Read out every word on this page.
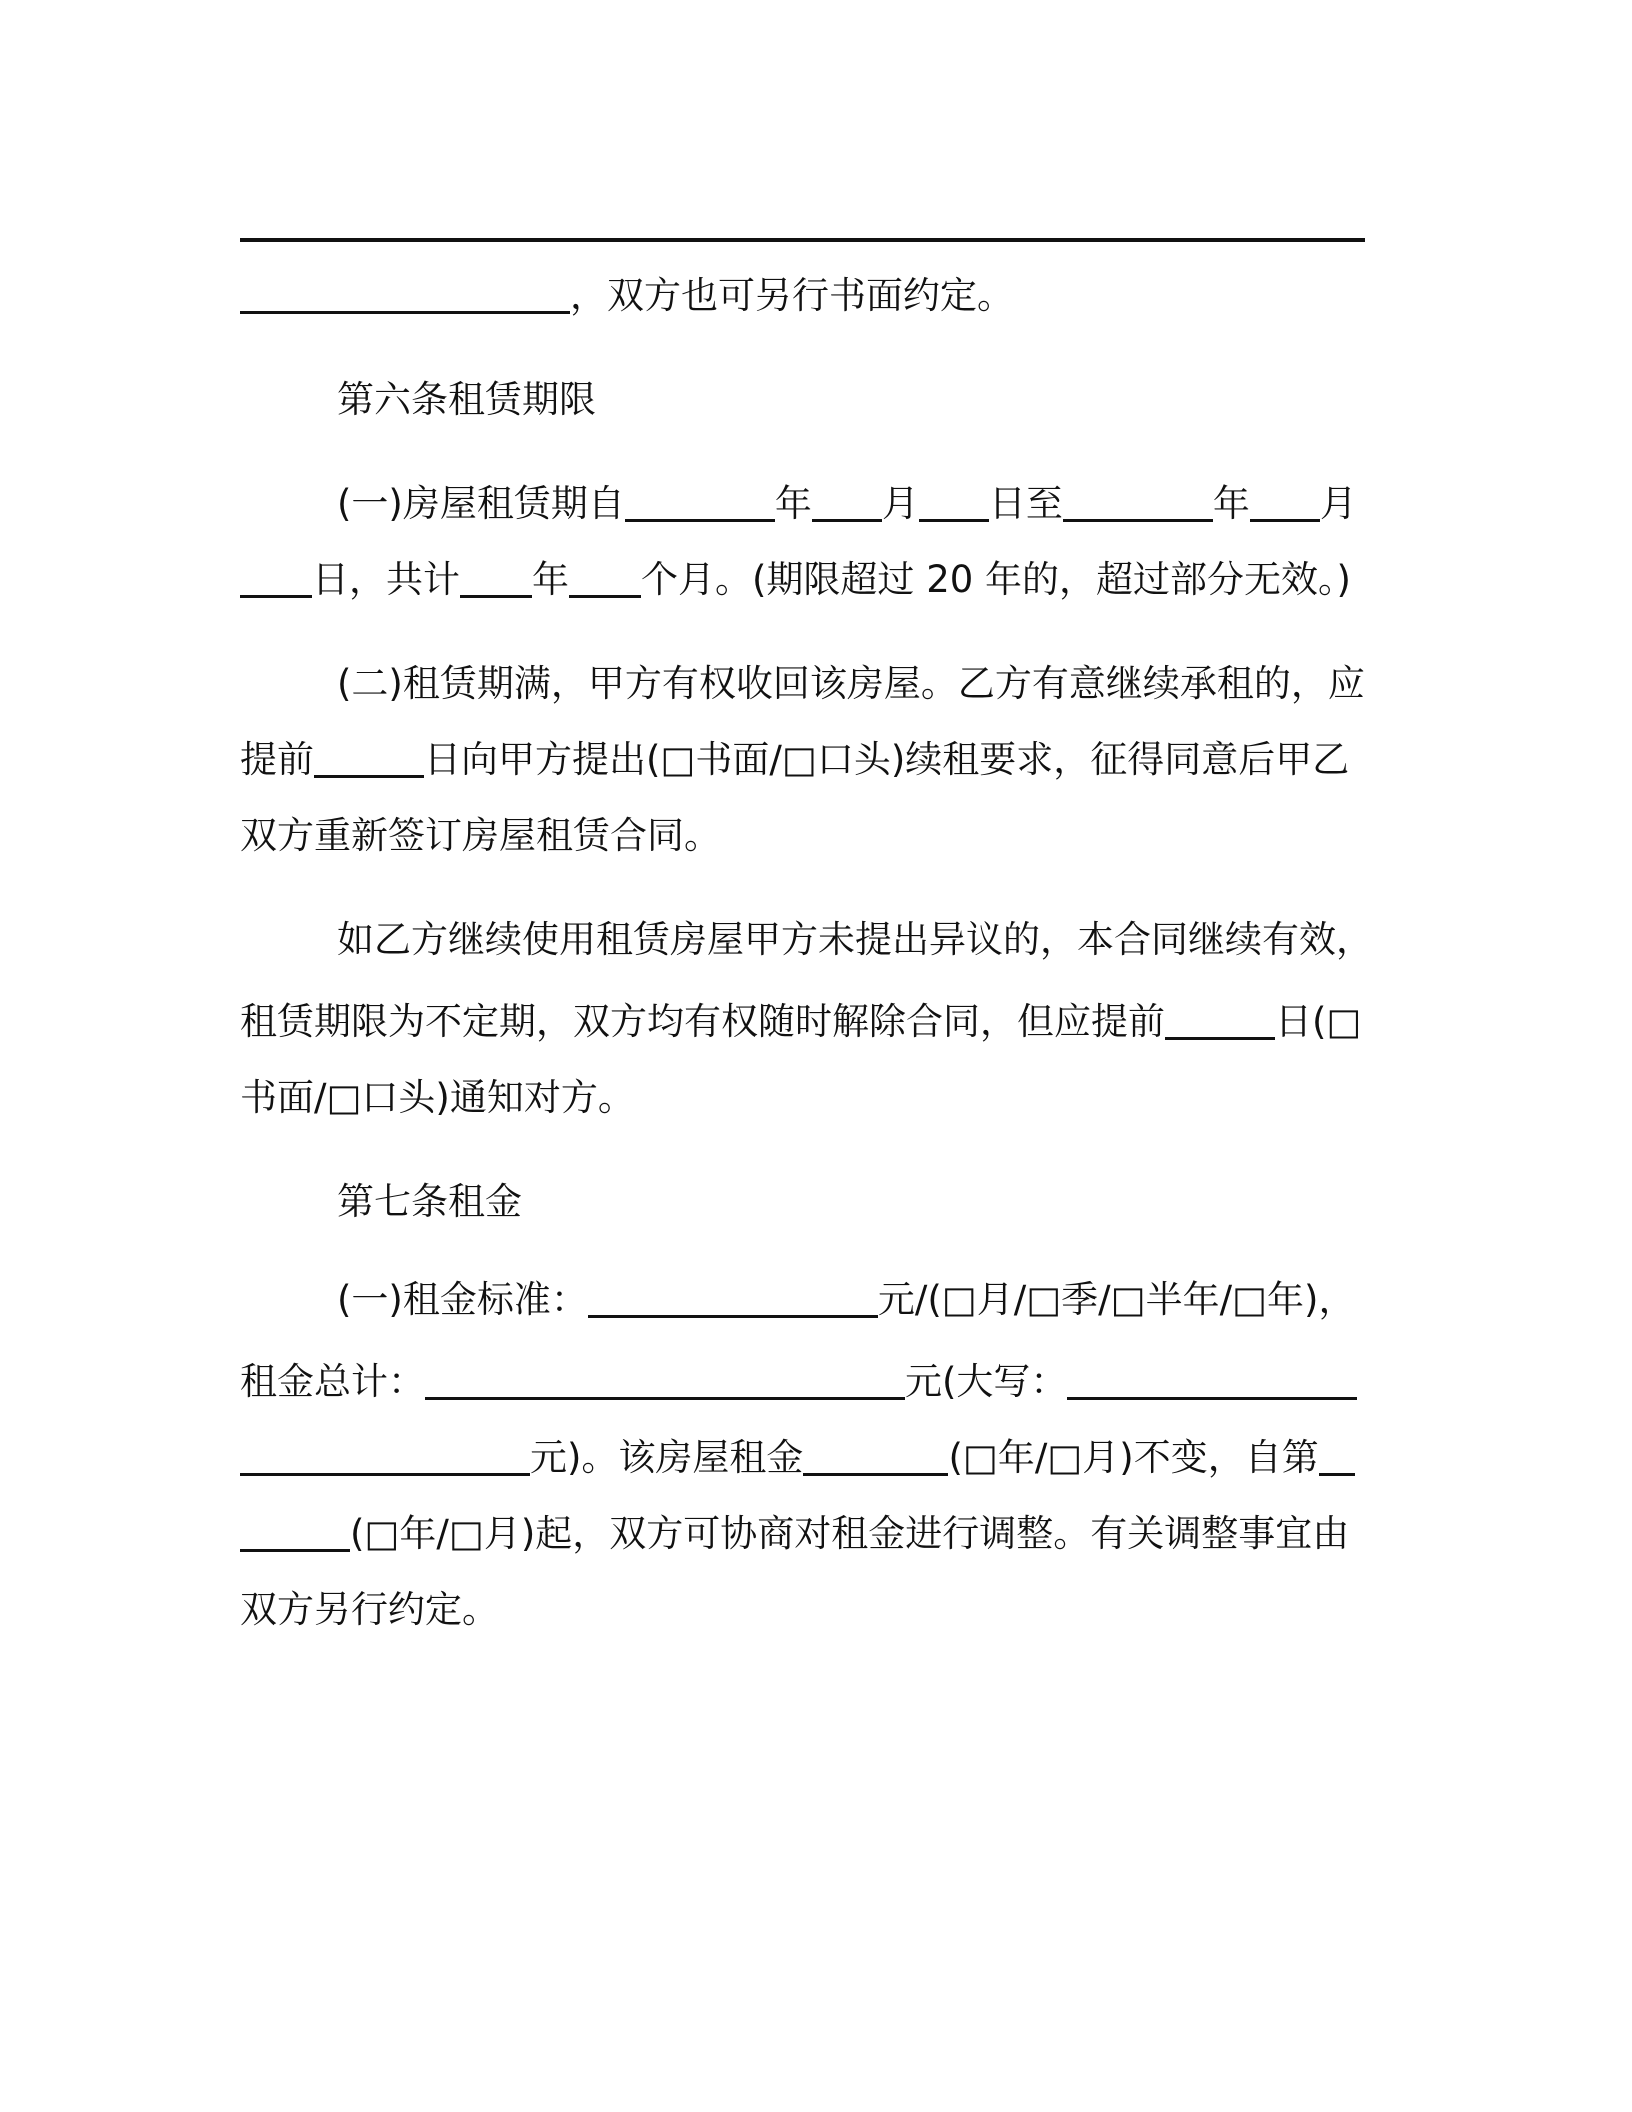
，双方也可另行书面约定。
第六条租赁期限
(一)房屋租赁期自	年 月 日至	年 月
日，共计 年 个月。(期限超过 20 年的，超过部分无效。)
(二)租赁期满，甲方有权收回该房屋。乙方有意继续承租的，应
提前	日向甲方提出(□书面/□口头)续租要求，征得同意后甲乙
双方重新签订房屋租赁合同。
如乙方继续使用租赁房屋甲方未提出异议的，本合同继续有效，
租赁期限为不定期，双方均有权随时解除合同，但应提前	日(□
书面/□口头)通知对方。
第七条租金
(一)租金标准：	元/(□月/□季/□半年/□年)，
租金总计：	元(大写：
元)。该房屋租金	(□年/□月)不变，自第
(□年/□月)起，双方可协商对租金进行调整。有关调整事宜由
双方另行约定。
